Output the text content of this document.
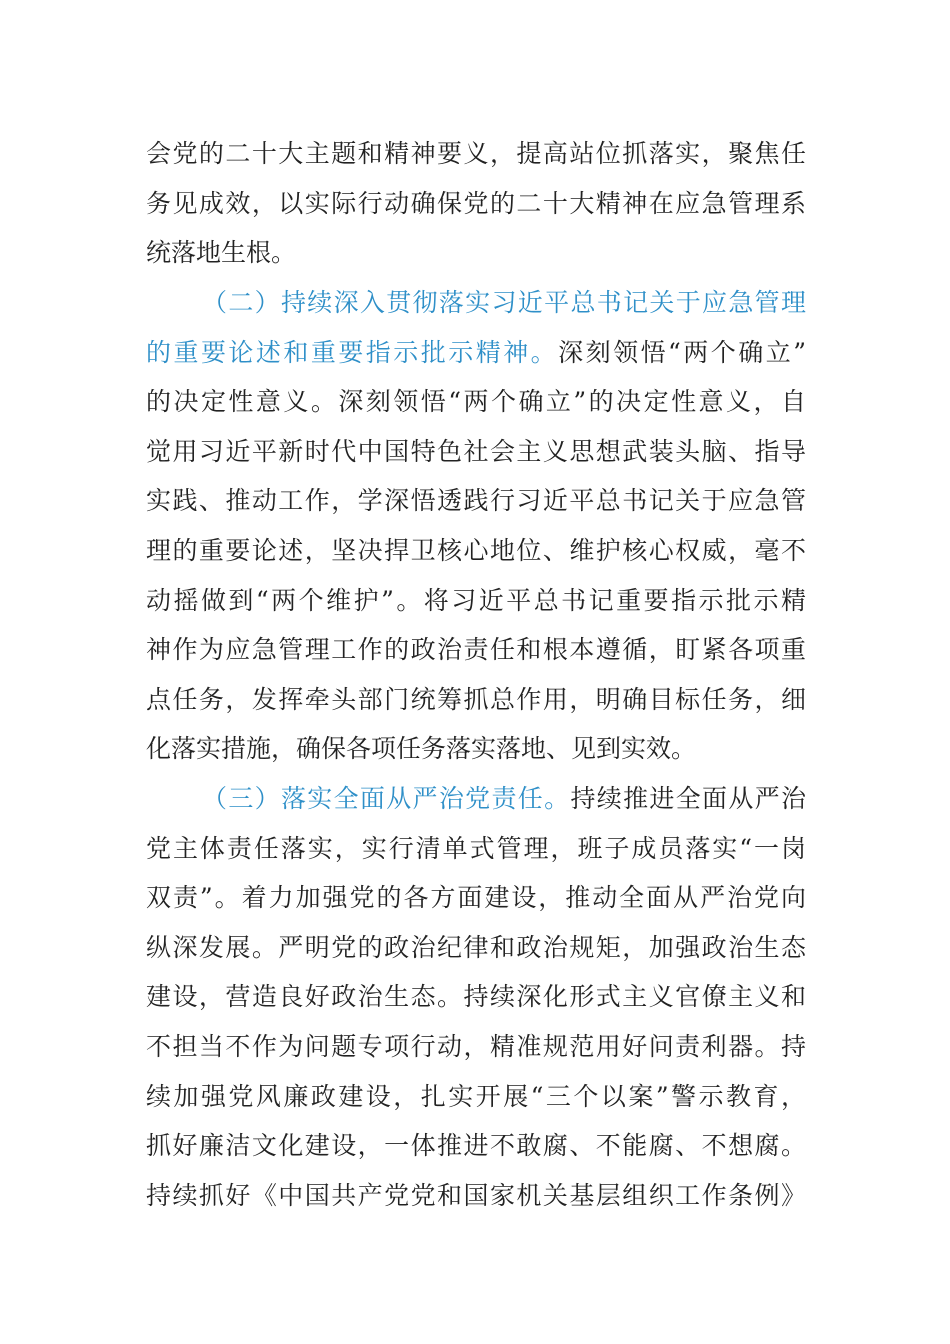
会党的二十大主题和精神要义，提高站位抓落实，聚焦任
务见成效，以实际行动确保党的二十大精神在应急管理系
统落地生根。
（二）持续深入贯彻落实习近平总书记关于应急管理
的重要论述和重要指示批示精神。深刻领悟“两个确立”
的决定性意义。深刻领悟“两个确立”的决定性意义，自
觉用习近平新时代中国特色社会主义思想武装头脑、指导
实践、推动工作，学深悟透践行习近平总书记关于应急管
理的重要论述，坚决捍卫核心地位、维护核心权威，毫不
动摇做到“两个维护”。将习近平总书记重要指示批示精
神作为应急管理工作的政治责任和根本遵循，盯紧各项重
点任务，发挥牵头部门统筹抓总作用，明确目标任务，细
化落实措施，确保各项任务落实落地、见到实效。
（三）落实全面从严治党责任。持续推进全面从严治
党主体责任落实，实行清单式管理，班子成员落实“一岗
双责”。着力加强党的各方面建设，推动全面从严治党向
纵深发展。严明党的政治纪律和政治规矩，加强政治生态
建设，营造良好政治生态。持续深化形式主义官僚主义和
不担当不作为问题专项行动，精准规范用好问责利器。持
续加强党风廉政建设，扎实开展“三个以案”警示教育，
抓好廉洁文化建设，一体推进不敢腐、不能腐、不想腐。
持续抓好《中国共产党党和国家机关基层组织工作条例》
